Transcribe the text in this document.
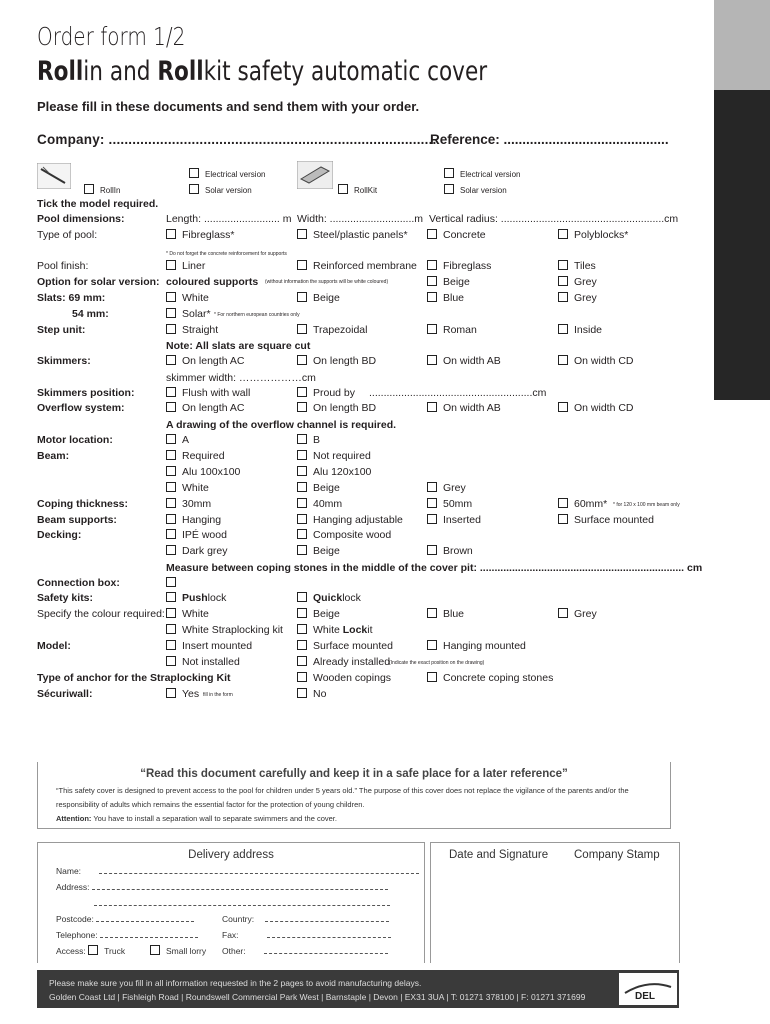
Order form 1/2
Rollin and Rollkit safety automatic cover
Please fill in these documents and send them with your order.
Company: ...................................................................................
Reference: ............................................
RollIn
Electrical version
Solar version	RollKit
Electrical version
Solar version
Tick the model required.
Pool dimensions:	Length: .......................... m Width: .............................m Vertical radius: ........................................................cm
Type of pool:	Fibreglass*	Steel/plastic panels*	Concrete	Polyblocks*
* Do not forget the concrete reinforcement for supports
Pool finish:	Liner	Reinforced membrane	Fibreglass	Tiles
Option for solar version: coloured supports (without information the supports will be white coloured)	Beige	Grey
Slats: 69 mm:	White	Beige	Blue	Grey
54 mm:	Solar* * For northern european countries only
Step unit:	Straight	Trapezoidal	Roman	Inside
Note: All slats are square cut
Skimmers:	On length AC	On length BD	On width AB	On width CD
skimmer width: ………………cm
Skimmers position:	Flush with wall	Proud by ........................................................cm
Overflow system:	On length AC	On length BD	On width AB	On width CD
A drawing of the overflow channel is required.
Motor location:	A	B
Beam:	Required	Not required
Alu 100x100	Alu 120x100
White	Beige	Grey
Coping thickness:	30mm	40mm	50mm	60mm* * for 120 x 100 mm beam only
Beam supports:	Hanging	Hanging adjustable	Inserted	Surface mounted
Decking:	IPÉ wood	Composite wood
Dark grey	Beige	Brown
Measure between coping stones in the middle of the cover pit: ...................................................................... cm
Connection box:
Safety kits:	Pushlock	Quicklock
Specify the colour required:	White	Beige	Blue	Grey
White Straplocking kit	White Lockit
Model:	Insert mounted	Surface mounted	Hanging mounted
Not installed	Already installed
(Indicate the exact position on the drawing)
Type of anchor for the Straplocking Kit	Wooden copings	Concrete coping stones
Sécuriwall:	Yes fill in the form	No
“Read this document carefully and keep it in a safe place for a later reference”
“This safety cover is designed to prevent access to the pool for children under 5 years old.” The purpose of this cover does not replace the vigilance of the parents and/or the responsibility of adults which remains the essential factor for the protection of young children.
Attention: You have to install a separation wall to separate swimmers and the cover.
Delivery address
Name:
Address:
Postcode:	Country:
Telephone:	Fax:
Access: Truck	Small lorry Other:
Date and Signature Company Stamp
Please make sure you fill in all information requested in the 2 pages to avoid manufacturing delays.
Golden Coast Ltd | Fishleigh Road | Roundswell Commercial Park West | Barnstaple | Devon | EX31 3UA | T: 01271 378100 | F: 01271 371699	DEL
